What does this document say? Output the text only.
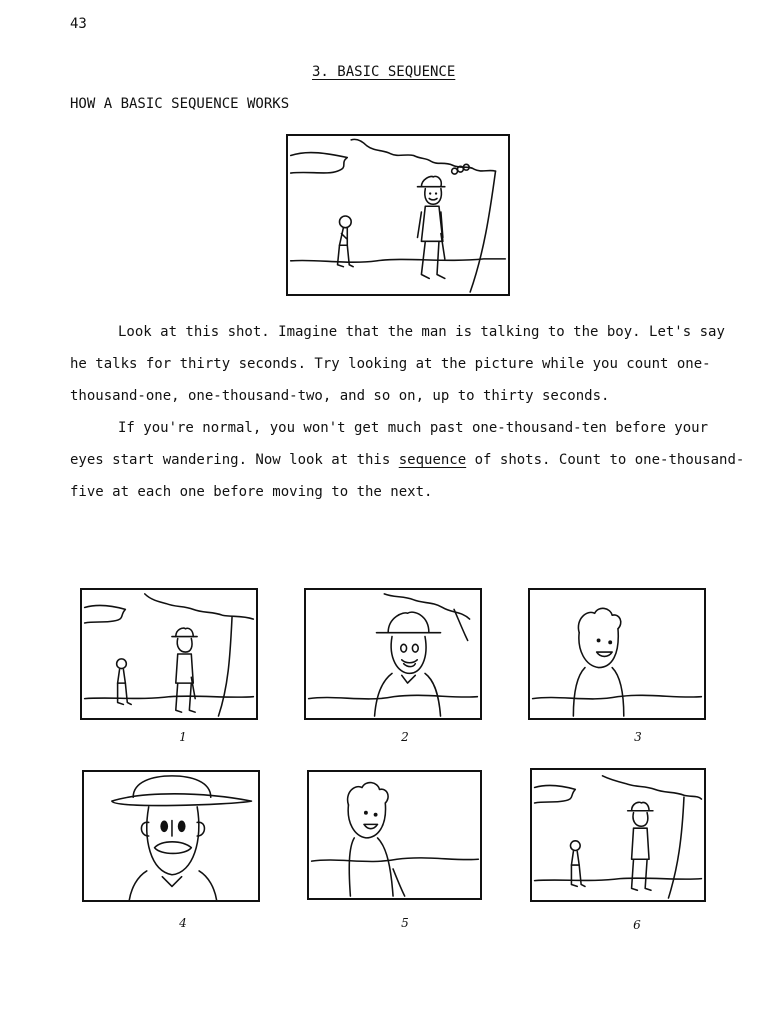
43
3. BASIC SEQUENCE
HOW A BASIC SEQUENCE WORKS

Look at this shot. Imagine that the man is talking to the boy. Let's say he talks for thirty seconds. Try looking at the picture while you count one-thousand-one, one-thousand-two, and so on, up to thirty seconds.

If you're normal, you won't get much past one-thousand-ten before your eyes start wandering. Now look at this sequence of shots. Count to one-thousand-five at each one before moving to the next.

1	2	3
4	5	6
